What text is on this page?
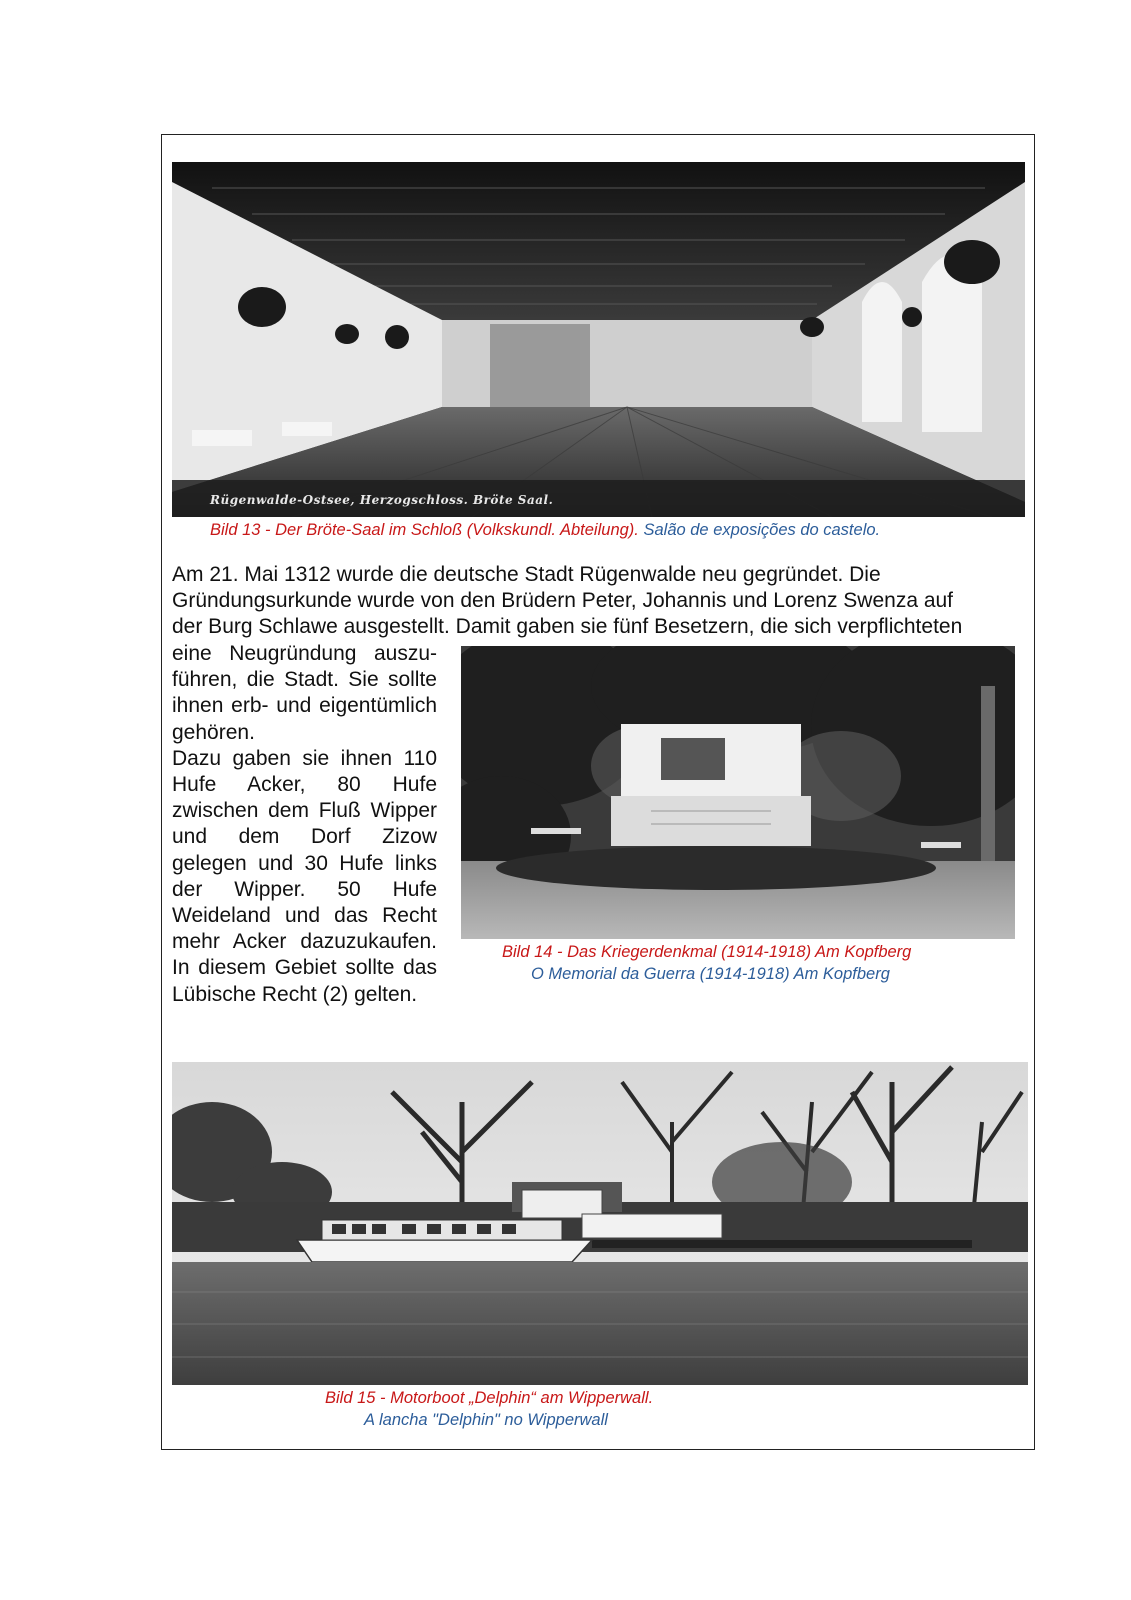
Rügenwalde-Ostsee, Herzogschloss. Bröte Saal.
Bild 13 - Der Bröte-Saal im Schloß (Volkskundl. Abteilung). Salão de exposições do castelo.

Am 21. Mai 1312 wurde die deutsche Stadt Rügenwalde neu gegründet. Die

Gründungsurkunde wurde von den Brüdern Peter, Johannis und Lorenz Swenza auf

der Burg Schlawe ausgestellt. Damit gaben sie fünf Besetzern, die sich verpflichteten

eine Neugründung auszu-führen, die Stadt. Sie sollte ihnen erb- und eigentümlich gehören.

Dazu gaben sie ihnen 110 Hufe Acker, 80 Hufe zwischen dem Fluß Wipper und dem Dorf Zizow gelegen und 30 Hufe links der Wipper. 50 Hufe Weideland und das Recht mehr Acker dazuzukaufen. In diesem Gebiet sollte das Lübische Recht (2) gelten.

Bild 14 - Das Kriegerdenkmal (1914-1918) Am Kopfberg
O Memorial da Guerra (1914-1918) Am Kopfberg
Bild 15 - Motorboot „Delphin“ am Wipperwall.
A lancha "Delphin" no Wipperwall
